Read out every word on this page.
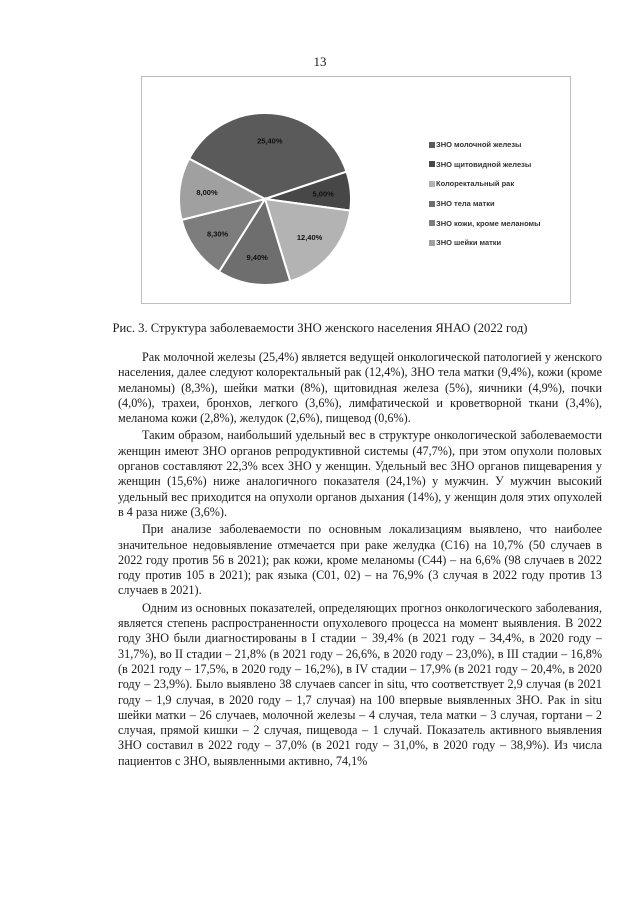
13
25,40%
5,00%
12,40%
9,40%
8,30%
8,00%
ЗНО молочной железы
ЗНО щитовидной железы
Колоректальный рак
ЗНО тела матки
ЗНО кожи, кроме меланомы
ЗНО шейки матки
Рис. 3. Структура заболеваемости ЗНО женского населения ЯНАО (2022 год)

Рак молочной железы (25,4%) является ведущей онкологической патологией у женского населения, далее следуют колоректальный рак (12,4%), ЗНО тела матки (9,4%), кожи (кроме меланомы) (8,3%), шейки матки (8%), щитовидная железа (5%), яичники (4,9%), почки (4,0%), трахеи, бронхов, легкого (3,6%), лимфатической и кроветворной ткани (3,4%), меланома кожи (2,8%), желудок (2,6%), пищевод (0,6%).

Таким образом, наибольший удельный вес в структуре онкологической заболеваемости женщин имеют ЗНО органов репродуктивной системы (47,7%), при этом опухоли половых органов составляют 22,3% всех ЗНО у женщин. Удельный вес ЗНО органов пищеварения у женщин (15,6%) ниже аналогичного показателя (24,1%) у мужчин. У мужчин высокий удельный вес приходится на опухоли органов дыхания (14%), у женщин доля этих опухолей в 4 раза ниже (3,6%).

При анализе заболеваемости по основным локализациям выявлено, что наиболее значительное недовыявление отмечается при раке желудка (С16) на 10,7% (50 случаев в 2022 году против 56 в 2021); рак кожи, кроме меланомы (С44) – на 6,6% (98 случаев в 2022 году против 105 в 2021); рак языка (С01, 02) – на 76,9% (3 случая в 2022 году против 13 случаев в 2021).

Одним из основных показателей, определяющих прогноз онкологического заболевания, является степень распространенности опухолевого процесса на момент выявления. В 2022 году ЗНО были диагностированы в I стадии − 39,4% (в 2021 году – 34,4%, в 2020 году – 31,7%), во II стадии – 21,8% (в 2021 году – 26,6%, в 2020 году – 23,0%), в III стадии – 16,8% (в 2021 году – 17,5%, в 2020 году – 16,2%), в IV стадии – 17,9% (в 2021 году – 20,4%, в 2020 году – 23,9%). Было выявлено 38 случаев cancer in situ, что соответствует 2,9 случая (в 2021 году – 1,9 случая, в 2020 году – 1,7 случая) на 100 впервые выявленных ЗНО. Рак in situ шейки матки – 26 случаев, молочной железы – 4 случая, тела матки – 3 случая, гортани – 2 случая, прямой кишки – 2 случая, пищевода – 1 случай. Показатель активного выявления ЗНО составил в 2022 году – 37,0% (в 2021 году – 31,0%, в 2020 году – 38,9%). Из числа пациентов с ЗНО, выявленными активно, 74,1%
